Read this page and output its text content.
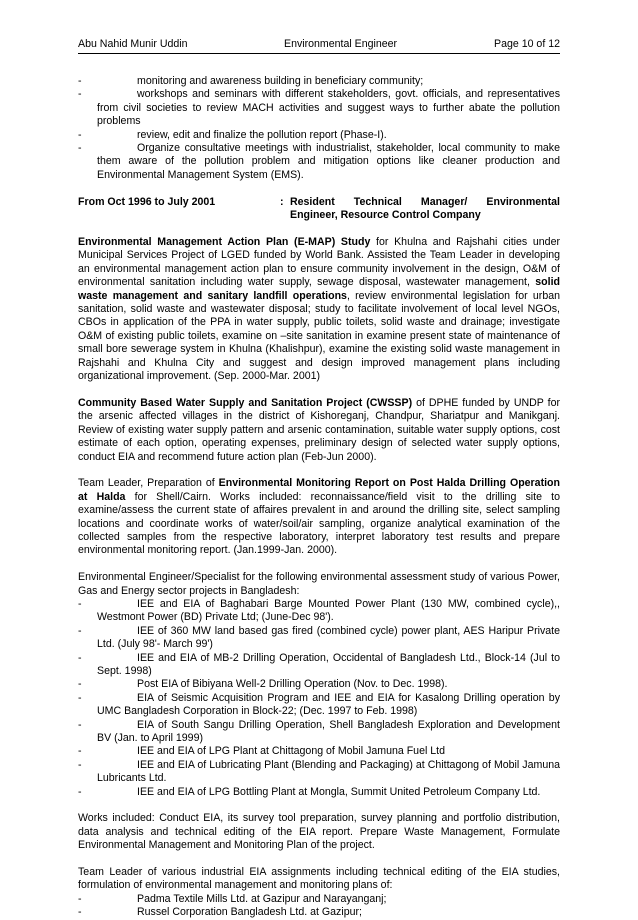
Abu Nahid Munir Uddin	Environmental Engineer	Page 10 of 12
-	monitoring and awareness building in beneficiary community;
-	workshops and seminars with different stakeholders, govt. officials, and representatives from civil societies to review MACH activities and suggest ways to further abate the pollution problems
-	review, edit and finalize the pollution report (Phase-I).
-	Organize consultative meetings with industrialist, stakeholder, local community to make them aware of the pollution problem and mitigation options like cleaner production and Environmental Management System (EMS).
From Oct 1996 to July 2001	: Resident Technical Manager/ Environmental Engineer, Resource Control Company

Environmental Management Action Plan (E-MAP) Study for Khulna and Rajshahi cities under Municipal Services Project of LGED funded by World Bank. Assisted the Team Leader in developing an environmental management action plan to ensure community involvement in the design, O&M of environmental sanitation including water supply, sewage disposal, wastewater management, solid waste management and sanitary landfill operations, review environmental legislation for urban sanitation, solid waste and wastewater disposal; study to facilitate involvement of local level NGOs, CBOs in application of the PPA in water supply, public toilets, solid waste and drainage; investigate O&M of existing public toilets, examine on –site sanitation in examine present state of maintenance of small bore sewerage system in Khulna (Khalishpur), examine the existing solid waste management in Rajshahi and Khulna City and suggest and design improved management plans including organizational improvement. (Sep. 2000-Mar. 2001)

Community Based Water Supply and Sanitation Project (CWSSP) of DPHE funded by UNDP for the arsenic affected villages in the district of Kishoreganj, Chandpur, Shariatpur and Manikganj. Review of existing water supply pattern and arsenic contamination, suitable water supply options, cost estimate of each option, operating expenses, preliminary design of selected water supply options, conduct EIA and recommend future action plan (Feb-Jun 2000).

Team Leader, Preparation of Environmental Monitoring Report on Post Halda Drilling Operation at Halda for Shell/Cairn. Works included: reconnaissance/field visit to the drilling site to examine/assess the current state of affaires prevalent in and around the drilling site, select sampling locations and coordinate works of water/soil/air sampling, organize analytical examination of the collected samples from the respective laboratory, interpret laboratory test results and prepare environmental monitoring report. (Jan.1999-Jan. 2000).

Environmental Engineer/Specialist for the following environmental assessment study of various Power, Gas and Energy sector projects in Bangladesh:

-	IEE and EIA of Baghabari Barge Mounted Power Plant (130 MW, combined cycle),, Westmont Power (BD) Private Ltd; (June-Dec 98').
-	IEE of 360 MW land based gas fired (combined cycle) power plant, AES Haripur Private Ltd. (July 98'- March 99')
-	IEE and EIA of MB-2 Drilling Operation, Occidental of Bangladesh Ltd., Block-14 (Jul to Sept. 1998)
-	Post EIA of Bibiyana Well-2 Drilling Operation (Nov. to Dec. 1998).
-	EIA of Seismic Acquisition Program and IEE and EIA for Kasalong Drilling operation by UMC Bangladesh Corporation in Block-22; (Dec. 1997 to Feb. 1998)
-	EIA of South Sangu Drilling Operation, Shell Bangladesh Exploration and Development BV (Jan. to April 1999)
-	IEE and EIA of LPG Plant at Chittagong of Mobil Jamuna Fuel Ltd
-	IEE and EIA of Lubricating Plant (Blending and Packaging) at Chittagong of Mobil Jamuna Lubricants Ltd.
-	IEE and EIA of LPG Bottling Plant at Mongla, Summit United Petroleum Company Ltd.

Works included: Conduct EIA, its survey tool preparation, survey planning and portfolio distribution, data analysis and technical editing of the EIA report. Prepare Waste Management, Formulate Environmental Management and Monitoring Plan of the project.

Team Leader of various industrial EIA assignments including technical editing of the EIA studies, formulation of environmental management and monitoring plans of:

-	Padma Textile Mills Ltd. at Gazipur and Narayanganj;
-	Russel Corporation Bangladesh Ltd. at Gazipur;
